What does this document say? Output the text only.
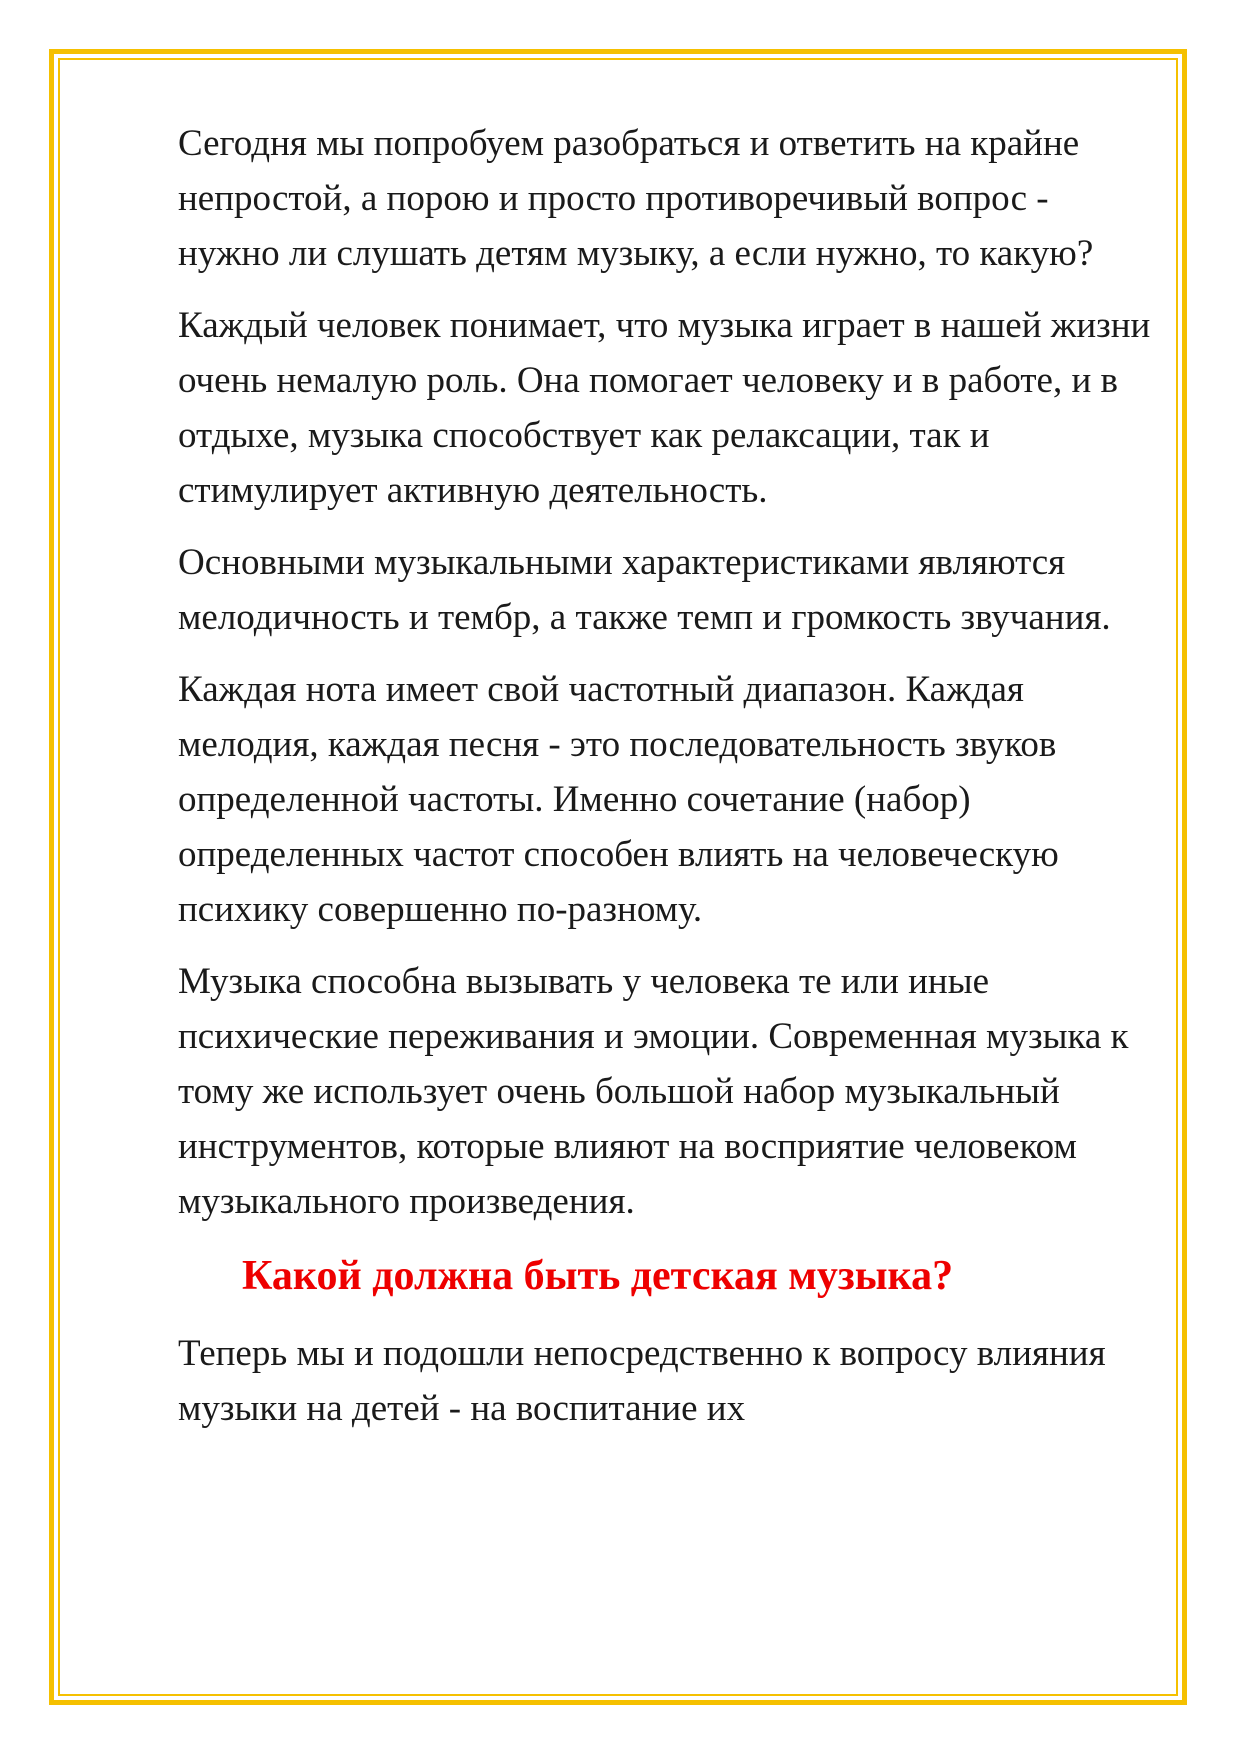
Сегодня мы попробуем разобраться и ответить на крайне непростой, а порою и просто противоречивый вопрос - нужно ли слушать детям музыку, а если нужно, то какую?

Каждый человек понимает, что музыка играет в нашей жизни очень немалую роль. Она помогает человеку и в работе, и в отдыхе, музыка способствует как релаксации, так и стимулирует активную деятельность.

Основными музыкальными характеристиками являются мелодичность и тембр, а также темп и громкость звучания.

Каждая нота имеет свой частотный диапазон. Каждая мелодия, каждая песня - это последовательность звуков определенной частоты. Именно сочетание (набор) определенных частот способен влиять на человеческую психику совершенно по-разному.

Музыка способна вызывать у человека те или иные психические переживания и эмоции. Современная музыка к тому же использует очень большой набор музыкальный инструментов, которые влияют на восприятие человеком музыкального произведения.

Какой должна быть детская музыка?

Теперь мы и подошли непосредственно к вопросу влияния музыки на детей - на воспитание их
